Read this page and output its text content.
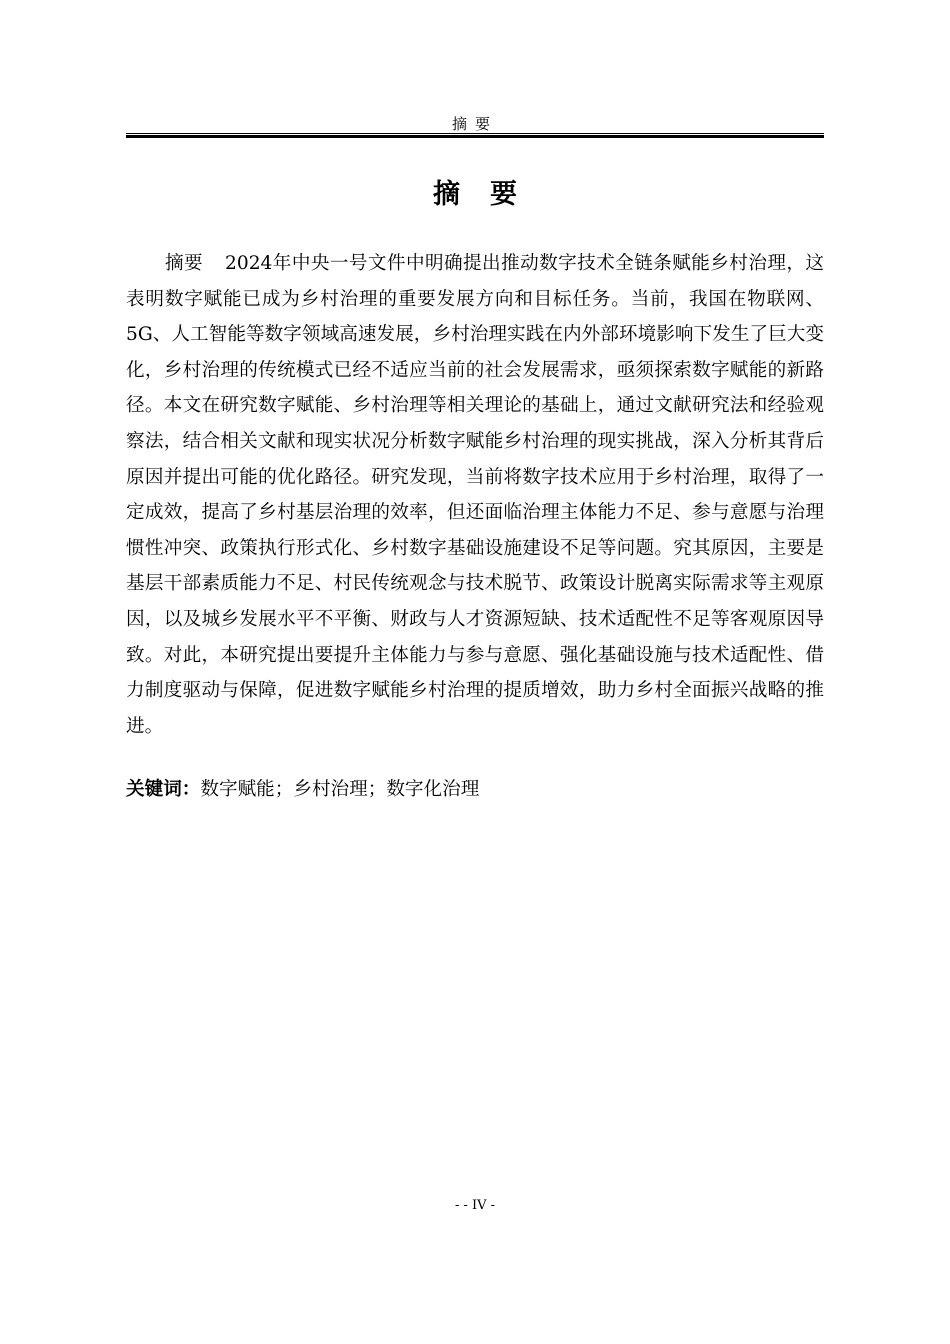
摘要
摘要

摘要 2024年中央一号文件中明确提出推动数字技术全链条赋能乡村治理，这表明数字赋能已成为乡村治理的重要发展方向和目标任务。当前，我国在物联网、5G、人工智能等数字领域高速发展，乡村治理实践在内外部环境影响下发生了巨大变化，乡村治理的传统模式已经不适应当前的社会发展需求，亟须探索数字赋能的新路径。本文在研究数字赋能、乡村治理等相关理论的基础上，通过文献研究法和经验观察法，结合相关文献和现实状况分析数字赋能乡村治理的现实挑战，深入分析其背后原因并提出可能的优化路径。研究发现，当前将数字技术应用于乡村治理，取得了一定成效，提高了乡村基层治理的效率，但还面临治理主体能力不足、参与意愿与治理惯性冲突、政策执行形式化、乡村数字基础设施建设不足等问题。究其原因，主要是基层干部素质能力不足、村民传统观念与技术脱节、政策设计脱离实际需求等主观原因，以及城乡发展水平不平衡、财政与人才资源短缺、技术适配性不足等客观原因导致。对此，本研究提出要提升主体能力与参与意愿、强化基础设施与技术适配性、借力制度驱动与保障，促进数字赋能乡村治理的提质增效，助力乡村全面振兴战略的推进。

关键词：数字赋能；乡村治理；数字化治理
- - IV -
